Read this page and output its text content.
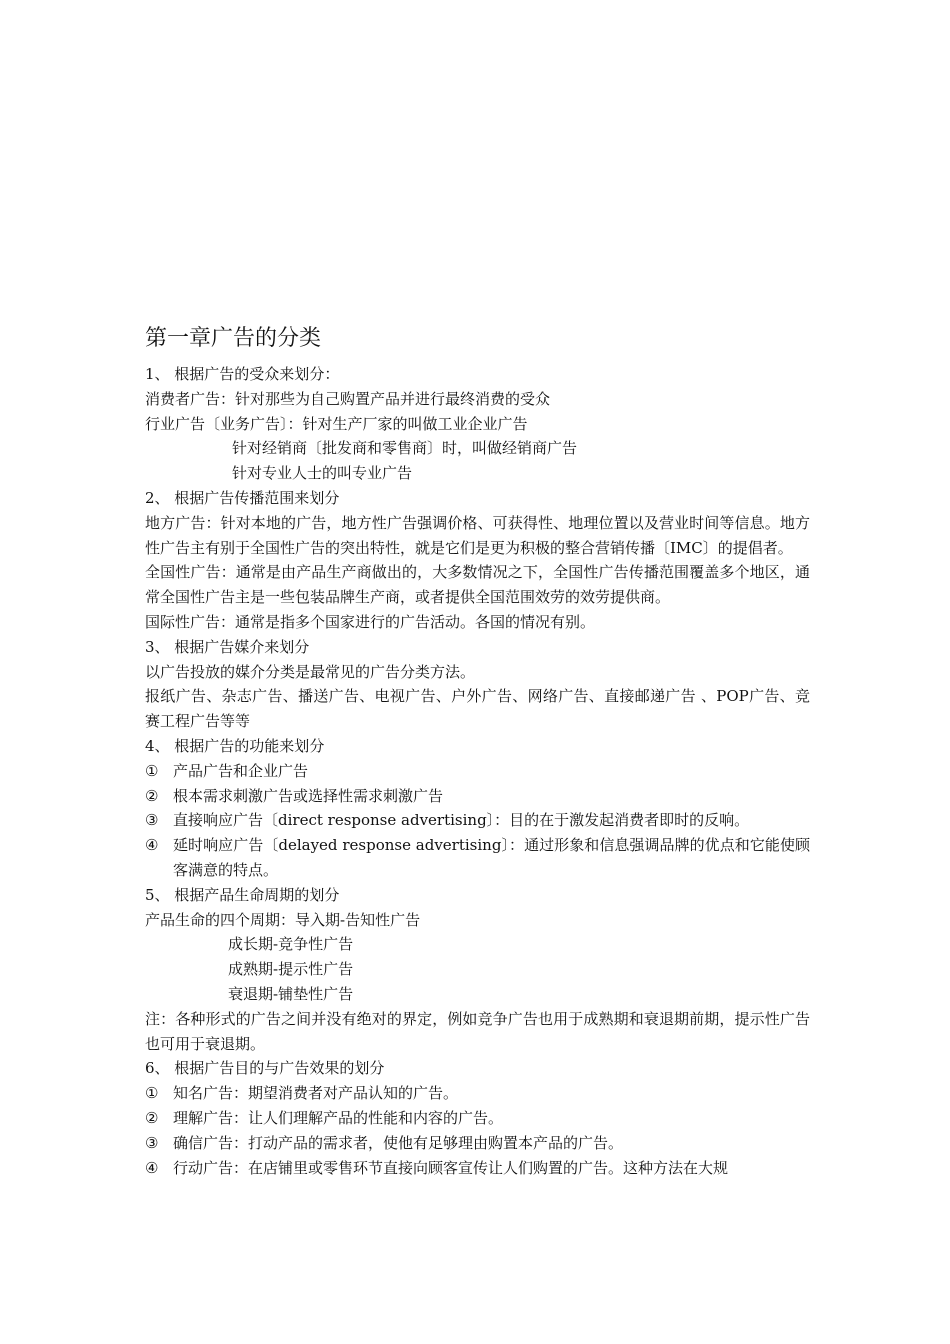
第一章广告的分类
1、 根据广告的受众来划分：
消费者广告：针对那些为自己购置产品并进行最终消费的受众
行业广告〔业务广告〕：针对生产厂家的叫做工业企业广告
针对经销商〔批发商和零售商〕时，叫做经销商广告
针对专业人士的叫专业广告
2、 根据广告传播范围来划分
地方广告：针对本地的广告，地方性广告强调价格、可获得性、地理位置以及营业时间等信息。地方性广告主有别于全国性广告的突出特性，就是它们是更为积极的整合营销传播〔IMC〕的提倡者。
全国性广告：通常是由产品生产商做出的，大多数情况之下，全国性广告传播范围覆盖多个地区，通常全国性广告主是一些包装品牌生产商，或者提供全国范围效劳的效劳提供商。
国际性广告：通常是指多个国家进行的广告活动。各国的情况有别。
3、 根据广告媒介来划分
以广告投放的媒介分类是最常见的广告分类方法。
报纸广告、杂志广告、播送广告、电视广告、户外广告、网络广告、直接邮递广告 、POP广告、竞赛工程广告等等
4、 根据广告的功能来划分
① 产品广告和企业广告
② 根本需求刺激广告或选择性需求刺激广告
③ 直接响应广告〔direct response advertising〕：目的在于激发起消费者即时的反响。
④ 延时响应广告〔delayed response advertising〕：通过形象和信息强调品牌的优点和它能使顾客满意的特点。
5、 根据产品生命周期的划分
产品生命的四个周期：导入期-告知性广告
成长期-竞争性广告
成熟期-提示性广告
衰退期-铺垫性广告
注：各种形式的广告之间并没有绝对的界定，例如竞争广告也用于成熟期和衰退期前期，提示性广告也可用于衰退期。
6、 根据广告目的与广告效果的划分
① 知名广告：期望消费者对产品认知的广告。
② 理解广告：让人们理解产品的性能和内容的广告。
③ 确信广告：打动产品的需求者，使他有足够理由购置本产品的广告。
④ 行动广告：在店铺里或零售环节直接向顾客宣传让人们购置的广告。这种方法在大规
